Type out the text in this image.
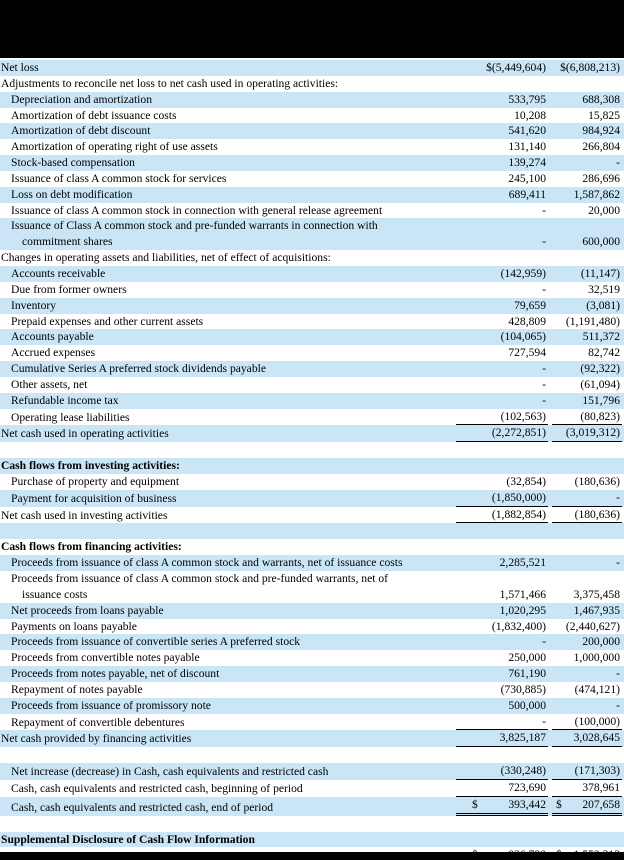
Net loss	$(5,449,604)	$(6,808,213)

Adjustments to reconcile net loss to net cash used in operating activities:		

Depreciation and amortization	533,795	688,308

Amortization of debt issuance costs	10,208	15,825

Amortization of debt discount	541,620	984,924

Amortization of operating right of use assets	131,140	266,804

Stock-based compensation	139,274	-

Issuance of class A common stock for services	245,100	286,696

Loss on debt modification	689,411	1,587,862

Issuance of class A common stock in connection with general release agreement	-	20,000

Issuance of Class A common stock and pre-funded warrants in connection with
commitment shares	-	600,000

Changes in operating assets and liabilities, net of effect of acquisitions:		

Accounts receivable	(142,959)	(11,147)

Due from former owners	-	32,519

Inventory	79,659	(3,081)

Prepaid expenses and other current assets	428,809	(1,191,480)

Accounts payable	(104,065)	511,372

Accrued expenses	727,594	82,742

Cumulative Series A preferred stock dividends payable	-	(92,322)

Other assets, net	-	(61,094)

Refundable income tax	-	151,796

Operating lease liabilities	(102,563)	(80,823)

Net cash used in operating activities	(2,272,851)	(3,019,312)

Cash flows from investing activities:		

Purchase of property and equipment	(32,854)	(180,636)

Payment for acquisition of business	(1,850,000)	-

Net cash used in investing activities	(1,882,854)	(180,636)

Cash flows from financing activities:		

Proceeds from issuance of class A common stock and warrants, net of issuance costs	2,285,521	-

Proceeds from issuance of class A common stock and pre-funded warrants, net of
issuance costs	1,571,466	3,375,458

Net proceeds from loans payable	1,020,295	1,467,935

Payments on loans payable	(1,832,400)	(2,440,627)

Proceeds from issuance of convertible series A preferred stock	-	200,000

Proceeds from convertible notes payable	250,000	1,000,000

Proceeds from notes payable, net of discount	761,190	-

Repayment of notes payable	(730,885)	(474,121)

Proceeds from issuance of promissory note	500,000	-

Repayment of convertible debentures	-	(100,000)

Net cash provided by financing activities	3,825,187	3,028,645

Net increase (decrease) in Cash, cash equivalents and restricted cash	(330,248)	(171,303)

Cash, cash equivalents and restricted cash, beginning of period	723,690	378,961

Cash, cash equivalents and restricted cash, end of period	$ 393,442	$ 207,658

Supplemental Disclosure of Cash Flow Information		
